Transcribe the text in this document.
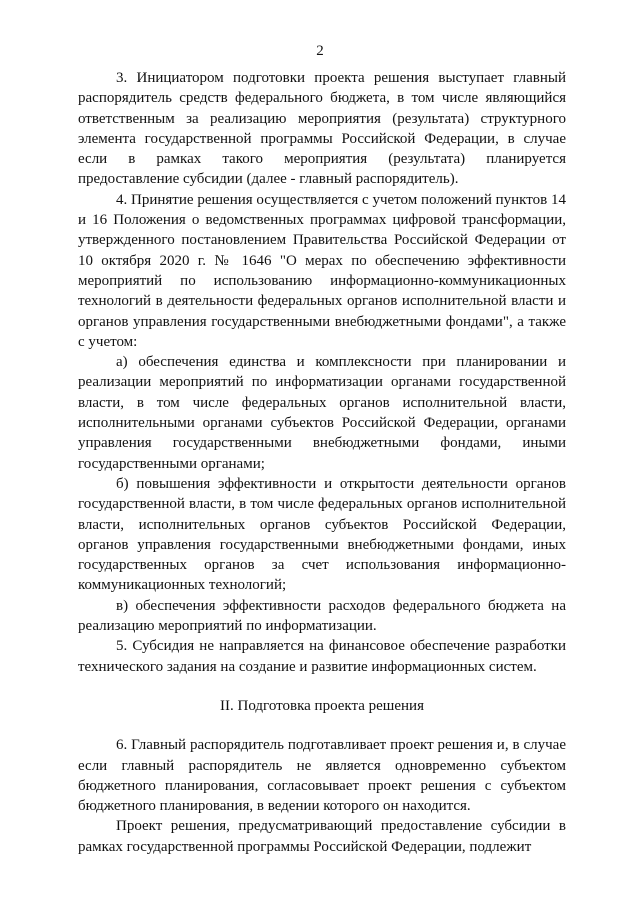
2

3. Инициатором подготовки проекта решения выступает главный распорядитель средств федерального бюджета, в том числе являющийся ответственным за реализацию мероприятия (результата) структурного элемента государственной программы Российской Федерации, в случае если в рамках такого мероприятия (результата) планируется предоставление субсидии (далее - главный распорядитель).

4. Принятие решения осуществляется с учетом положений пунктов 14 и 16 Положения о ведомственных программах цифровой трансформации, утвержденного постановлением Правительства Российской Федерации от 10 октября 2020 г. № 1646 "О мерах по обеспечению эффективности мероприятий по использованию информационно-коммуникационных технологий в деятельности федеральных органов исполнительной власти и органов управления государственными внебюджетными фондами", а также с учетом:

а) обеспечения единства и комплексности при планировании и реализации мероприятий по информатизации органами государственной власти, в том числе федеральных органов исполнительной власти, исполнительными органами субъектов Российской Федерации, органами управления государственными внебюджетными фондами, иными государственными органами;

б) повышения эффективности и открытости деятельности органов государственной власти, в том числе федеральных органов исполнительной власти, исполнительных органов субъектов Российской Федерации, органов управления государственными внебюджетными фондами, иных государственных органов за счет использования информационно-коммуникационных технологий;

в) обеспечения эффективности расходов федерального бюджета на реализацию мероприятий по информатизации.

5. Субсидия не направляется на финансовое обеспечение разработки технического задания на создание и развитие информационных систем.

II. Подготовка проекта решения

6. Главный распорядитель подготавливает проект решения и, в случае если главный распорядитель не является одновременно субъектом бюджетного планирования, согласовывает проект решения с субъектом бюджетного планирования, в ведении которого он находится.

Проект решения, предусматривающий предоставление субсидии в рамках государственной программы Российской Федерации, подлежит
